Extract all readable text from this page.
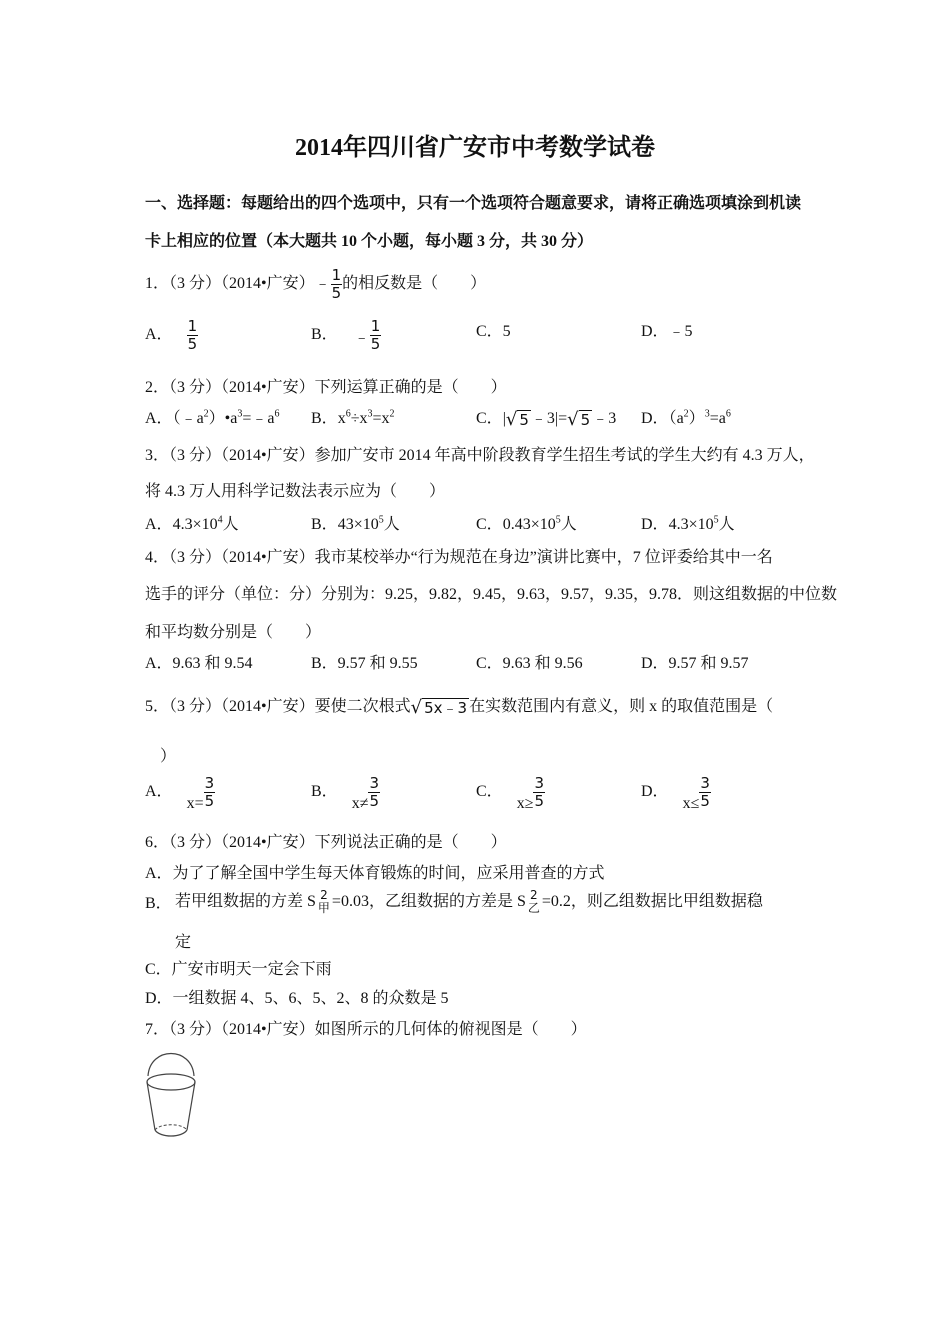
2014年四川省广安市中考数学试卷
一、选择题：每题给出的四个选项中，只有一个选项符合题意要求，请将正确选项填涂到机读
卡上相应的位置（本大题共 10 个小题，每小题 3 分，共 30 分）
1．（3 分）（2014•广安）﹣ $\frac{1}{5}$ 的相反数是（　　）
A． $\frac{1}{5}$	B． ﹣ $\frac{1}{5}$	C．5	D．﹣5
2．（3 分）（2014•广安）下列运算正确的是（　　）
A．$(﹣a^2)•a^3=﹣a^6$ B．$x^6\div x^3=x^2$	C．|√ 5 ﹣3|=√ 5 ﹣3 D．$(a^2)^3=a^6$
3．（3 分）（2014•广安）参加广安市 2014 年高中阶段教育学生招生考试的学生大约有 4.3 万人，
将 4.3 万人用科学记数法表示应为（　　）
A．$4.3\times 10^4$人	B．$43\times 10^5$人	C．$0.43\times 10^5$人	D．$4.3\times 10^5$人
4．（3 分）（2014•广安）我市某校举办“行为规范在身边”演讲比赛中，7 位评委给其中一名
选手的评分（单位：分）分别为：9.25，9.82，9.45，9.63，9.57，9.35，9.78．则这组数据的中位数
和平均数分别是（　　）
A．9.63 和 9.54	B．9.57 和 9.55	C．9.63 和 9.56	D．9.57 和 9.57
5．（3 分）（2014•广安）要使二次根式√ 5x﹣3 在实数范围内有意义，则 x 的取值范围是（
）
A．$x= \frac{3}{5}$	B．$x\ne \frac{3}{5}$	C．$x\ge \frac{3}{5}$	D．$x\le \frac{3}{5}$
6．（3 分）（2014•广安）下列说法正确的是（　　）
A．为了了解全国中学生每天体育锻炼的时间，应采用普查的方式
B． 若甲组数据的方差 S 2
甲 =0.03，乙组数据的方差是 S 2
乙 =0.2，则乙组数据比甲组数据稳
定
C．广安市明天一定会下雨
D．一组数据 4、5、6、5、2、8 的众数是 5
7．（3 分）（2014•广安）如图所示的几何体的俯视图是（　　）
